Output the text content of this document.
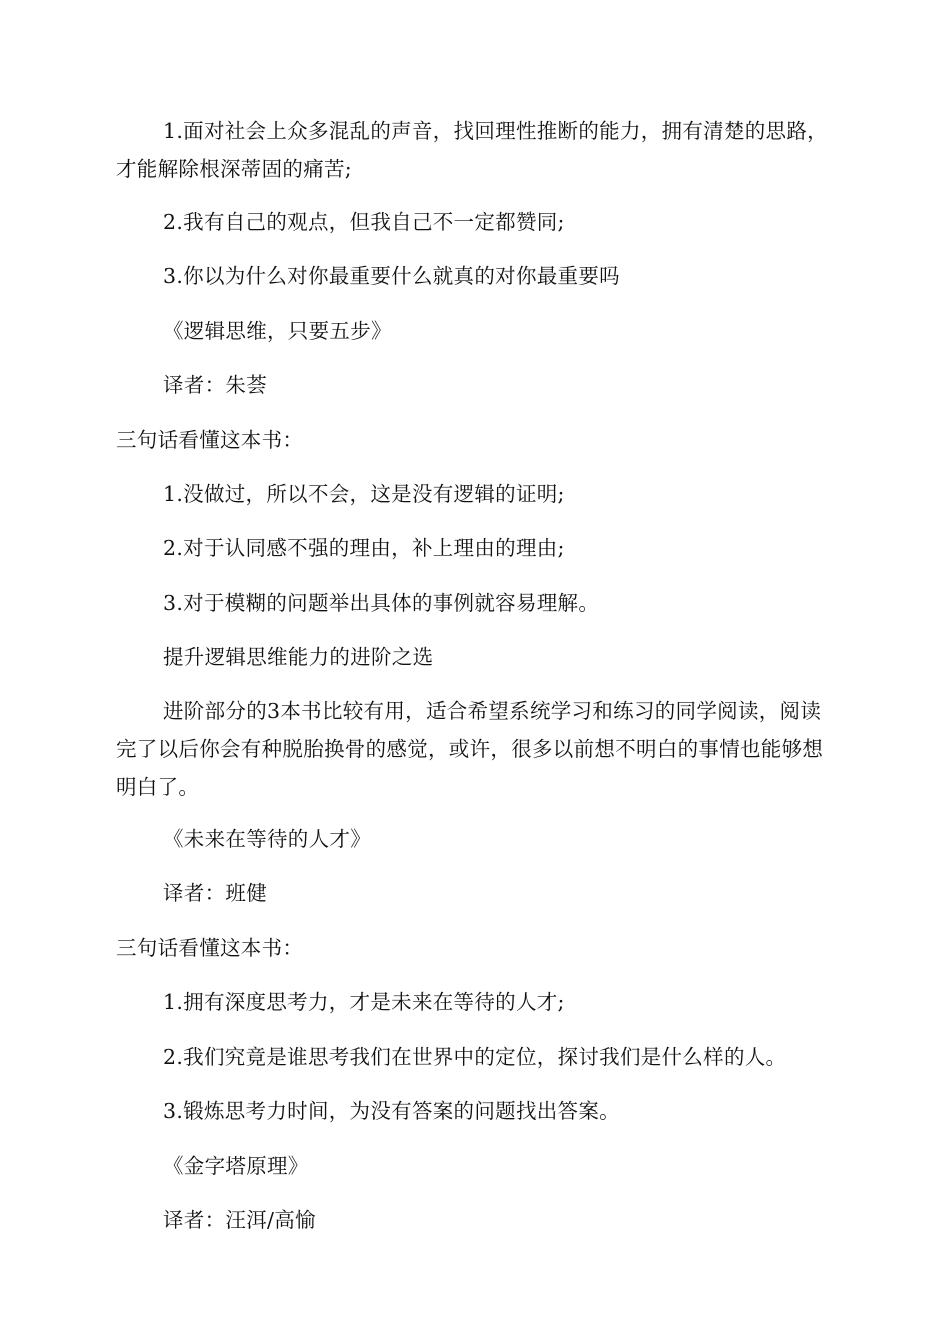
1.面对社会上众多混乱的声音，找回理性推断的能力，拥有清楚的思路，才能解除根深蒂固的痛苦;

2.我有自己的观点，但我自己不一定都赞同;

3.你以为什么对你最重要什么就真的对你最重要吗

《逻辑思维，只要五步》

译者：朱荟

三句话看懂这本书：

1.没做过，所以不会，这是没有逻辑的证明;

2.对于认同感不强的理由，补上理由的理由;

3.对于模糊的问题举出具体的事例就容易理解。

提升逻辑思维能力的进阶之选

进阶部分的3本书比较有用，适合希望系统学习和练习的同学阅读，阅读完了以后你会有种脱胎换骨的感觉，或许，很多以前想不明白的事情也能够想明白了。

《未来在等待的人才》

译者：班健

三句话看懂这本书：

1.拥有深度思考力，才是未来在等待的人才;

2.我们究竟是谁思考我们在世界中的定位，探讨我们是什么样的人。

3.锻炼思考力时间，为没有答案的问题找出答案。

《金字塔原理》

译者：汪洱/高愉
